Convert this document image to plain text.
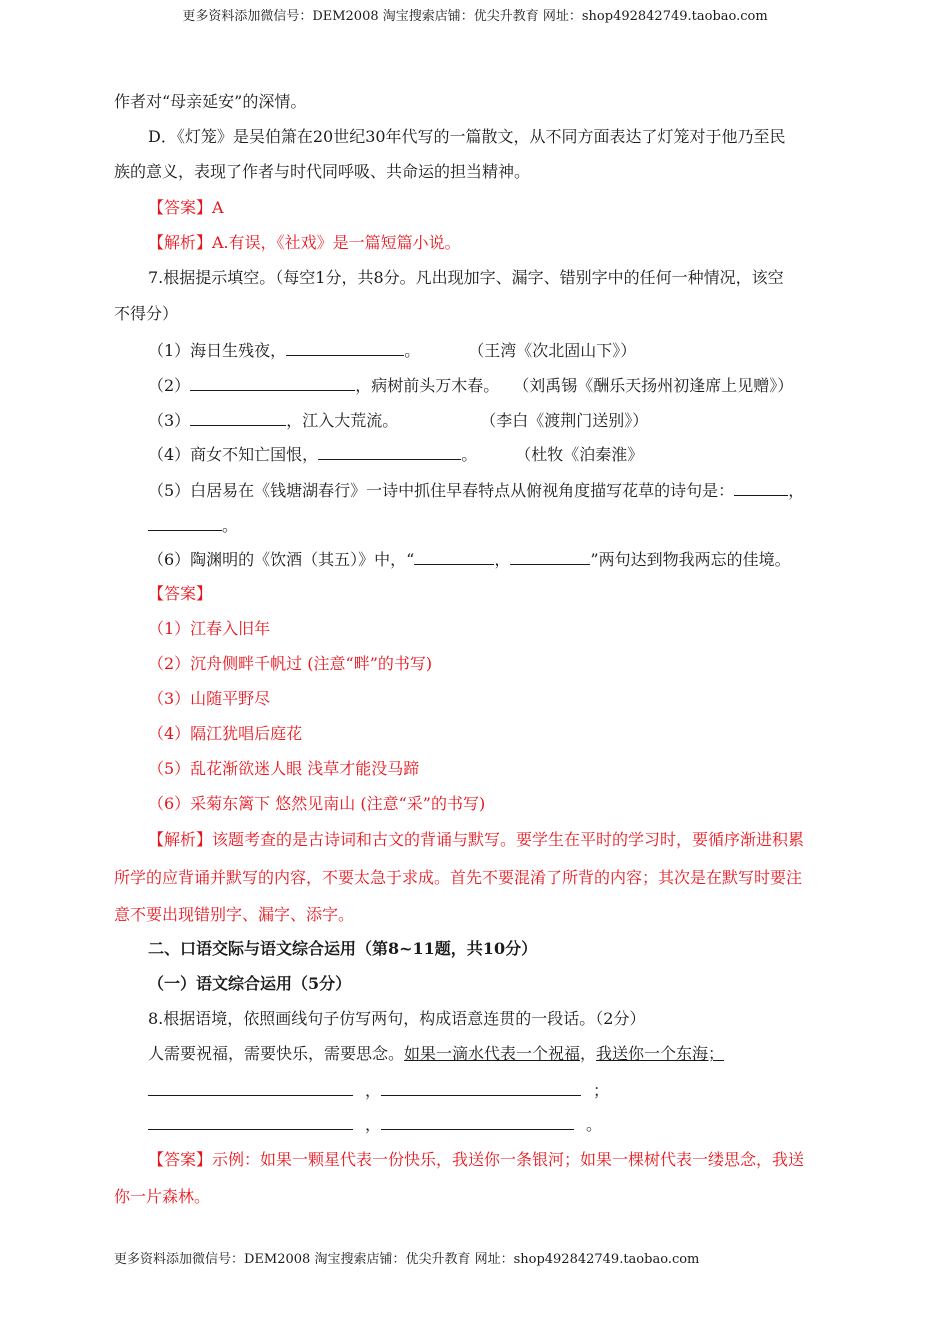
更多资料添加微信号：DEM2008 淘宝搜索店铺：优尖升教育 网址：shop492842749.taobao.com
作者对“母亲延安”的深情。
D．《灯笼》是吴伯箫在20世纪30年代写的一篇散文，从不同方面表达了灯笼对于他乃至民
族的意义，表现了作者与时代同呼吸、共命运的担当精神。
【答案】A
【解析】A.有误，《社戏》是一篇短篇小说。
7.根据提示填空。（每空1分，共8分。凡出现加字、漏字、错别字中的任何一种情况，该空
不得分）
（1）海日生残夜，	。	（王湾《次北固山下》）
（2）	，病树前头万木春。 （刘禹锡《酬乐天扬州初逢席上见赠》）
（3）	，江入大荒流。	（李白《渡荆门送别》）
（4）商女不知亡国恨，	。 （杜牧《泊秦淮》
（5）白居易在《钱塘湖春行》一诗中抓住早春特点从俯视角度描写花草的诗句是：	，
。
（6）陶渊明的《饮酒（其五）》中，“	，	”两句达到物我两忘的佳境。
【答案】
（1）江春入旧年
（2）沉舟侧畔千帆过 (注意“畔”的书写)
（3）山随平野尽
（4）隔江犹唱后庭花
（5）乱花渐欲迷人眼 浅草才能没马蹄
（6）采菊东篱下 悠然见南山 (注意“采”的书写)
【解析】该题考查的是古诗词和古文的背诵与默写。要学生在平时的学习时，要循序渐进积累
所学的应背诵并默写的内容，不要太急于求成。首先不要混淆了所背的内容；其次是在默写时要注
意不要出现错别字、漏字、添字。
二、口语交际与语文综合运用（第8~11题，共10分）
（一）语文综合运用（5分）
8.根据语境，依照画线句子仿写两句，构成语意连贯的一段话。（2分）
人需要祝福，需要快乐，需要思念。如果一滴水代表一个祝福，我送你一个东海；
，	；
，	。
【答案】示例：如果一颗星代表一份快乐，我送你一条银河；如果一棵树代表一缕思念，我送
你一片森林。
更多资料添加微信号：DEM2008 淘宝搜索店铺：优尖升教育 网址：shop492842749.taobao.com
